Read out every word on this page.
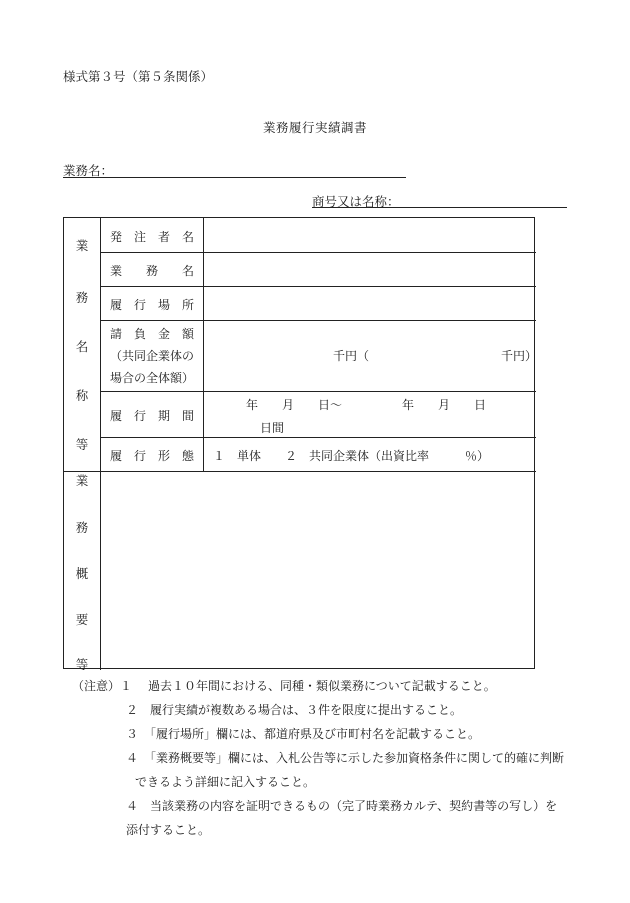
様式第３号（第５条関係）
業務履行実績調書
業務名：
商号又は名称：
業
務
名
称
等
業
務
概
要
等
発　注　者　名
業　　務　　名
履　行　場　所
請　負　金　額
（共同企業体の
場合の全体額）
履　行　期　間
履　行　形　態
千円（　　　　　　　　　　　千円）
年　　月　　日～　　　　　年　　月　　日
日間
１　単体　　２　共同企業体（出資比率　　　％）
（注意）１ 過去１０年間における、同種・類似業務について記載すること。
２　履行実績が複数ある場合は、３件を限度に提出すること。
３　「履行場所」欄には、都道府県及び市町村名を記載すること。
４　「業務概要等」欄には、入札公告等に示した参加資格条件に関して的確に判断
できるよう詳細に記入すること。
４　当該業務の内容を証明できるもの（完了時業務カルテ、契約書等の写し）を
添付すること。
